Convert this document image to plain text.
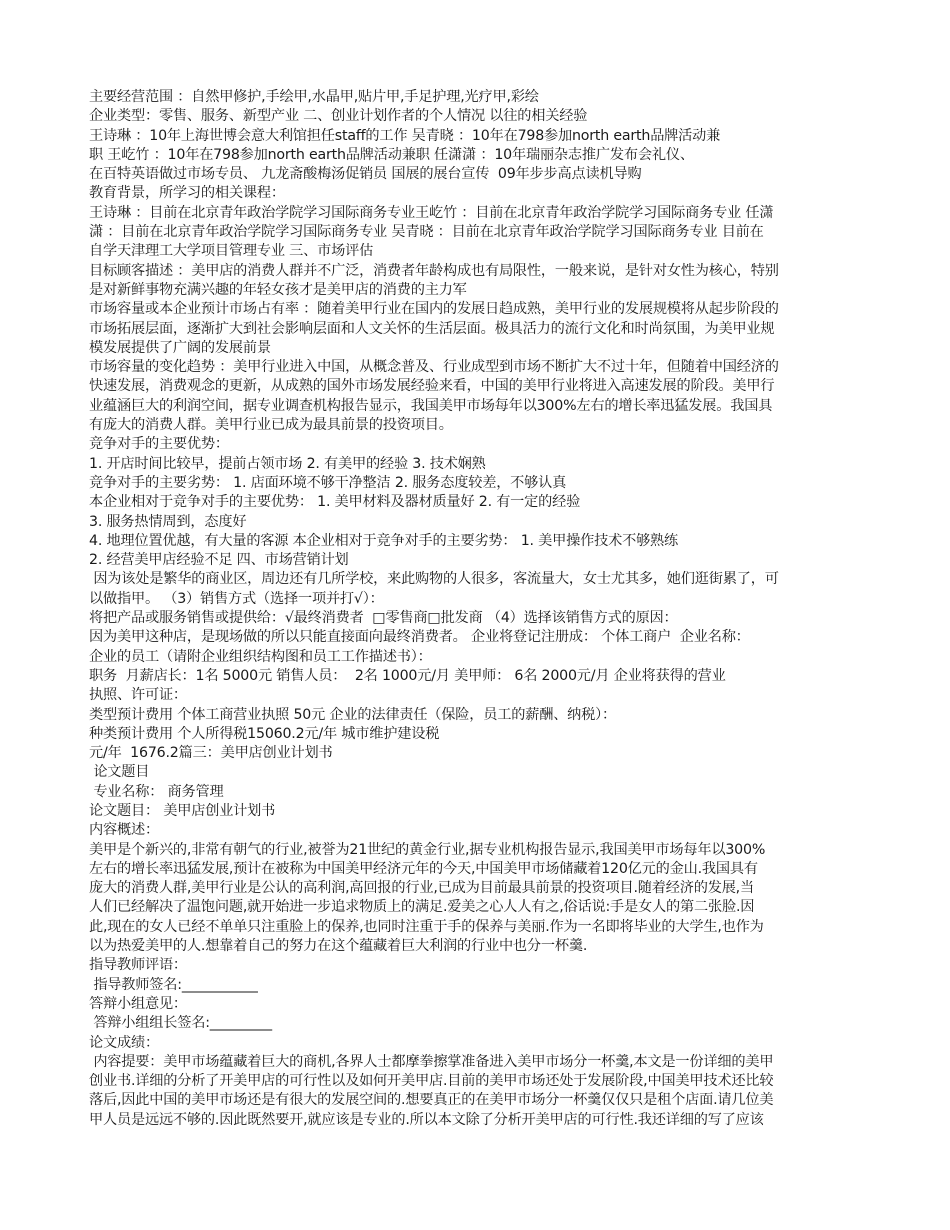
主要经营范围 ：自然甲修护,手绘甲,水晶甲,贴片甲,手足护理,光疗甲,彩绘
企业类型：零售、服务、新型产业 二、创业计划作者的个人情况 以往的相关经验
王诗琳 ：10年上海世博会意大利馆担任staff的工作 吴青晓 ：10年在798参加north earth品牌活动兼
职 王屹竹 ：10年在798参加north earth品牌活动兼职 任潇潇 ：10年瑞丽杂志推广发布会礼仪、
在百特英语做过市场专员、 九龙斋酸梅汤促销员 国展的展台宣传  09年步步高点读机导购
教育背景，所学习的相关课程：
王诗琳 ：目前在北京青年政治学院学习国际商务专业王屹竹 ：目前在北京青年政治学院学习国际商务专业 任潇
潇 ：目前在北京青年政治学院学习国际商务专业 吴青晓 ：目前在北京青年政治学院学习国际商务专业 目前在
自学天津理工大学项目管理专业 三、市场评估
目标顾客描述 ：美甲店的消费人群并不广泛，消费者年龄构成也有局限性，一般来说，是针对女性为核心，特别
是对新鲜事物充满兴趣的年轻女孩才是美甲店的消费的主力军
市场容量或本企业预计市场占有率 ：随着美甲行业在国内的发展日趋成熟，美甲行业的发展规模将从起步阶段的
市场拓展层面，逐渐扩大到社会影响层面和人文关怀的生活层面。极具活力的流行文化和时尚氛围，为美甲业规
模发展提供了广阔的发展前景
市场容量的变化趋势 ：美甲行业进入中国，从概念普及、行业成型到市场不断扩大不过十年，但随着中国经济的
快速发展，消费观念的更新，从成熟的国外市场发展经验来看，中国的美甲行业将进入高速发展的阶段。美甲行
业蕴涵巨大的利润空间，据专业调查机构报告显示，我国美甲市场每年以300%左右的增长率迅猛发展。我国具
有庞大的消费人群。美甲行业已成为最具前景的投资项目。
竞争对手的主要优势：
1. 开店时间比较早，提前占领市场 2. 有美甲的经验 3. 技术娴熟
竞争对手的主要劣势： 1. 店面环境不够干净整洁 2. 服务态度较差，不够认真
本企业相对于竞争对手的主要优势： 1. 美甲材料及器材质量好 2. 有一定的经验
3. 服务热情周到，态度好
4. 地理位置优越，有大量的客源 本企业相对于竞争对手的主要劣势： 1. 美甲操作技术不够熟练
2. 经营美甲店经验不足 四、市场营销计划
因为该处是繁华的商业区，周边还有几所学校，来此购物的人很多，客流量大，女士尤其多，她们逛街累了，可
以做指甲。 （3）销售方式（选择一项并打√）：
将把产品或服务销售或提供给：√最终消费者  □零售商□批发商 （4）选择该销售方式的原因：
因为美甲这种店，是现场做的所以只能直接面向最终消费者。 企业将登记注册成： 个体工商户  企业名称：
企业的员工（请附企业组织结构图和员工工作描述书）：
职务  月薪店长：1名 5000元 销售人员：  2名 1000元/月 美甲师： 6名 2000元/月 企业将获得的营业
执照、许可证：
类型预计费用 个体工商营业执照 50元 企业的法律责任（保险，员工的薪酬、纳税）：
种类预计费用 个人所得税15060.2元/年 城市维护建设税
元/年  1676.2篇三：美甲店创业计划书
论文题目
专业名称： 商务管理
论文题目： 美甲店创业计划书
内容概述：
美甲是个新兴的,非常有朝气的行业,被誉为21世纪的黄金行业,据专业机构报告显示,我国美甲市场每年以300%
左右的增长率迅猛发展,预计在被称为中国美甲经济元年的今天,中国美甲市场储藏着120亿元的金山.我国具有
庞大的消费人群,美甲行业是公认的高利润,高回报的行业,已成为目前最具前景的投资项目.随着经济的发展,当
人们已经解决了温饱问题,就开始进一步追求物质上的满足.爱美之心人人有之,俗话说:手是女人的第二张脸.因
此,现在的女人已经不单单只注重脸上的保养,也同时注重于手的保养与美丽.作为一名即将毕业的大学生,也作为
以为热爱美甲的人.想靠着自己的努力在这个蕴藏着巨大利润的行业中也分一杯羹.
指导教师评语：
指导教师签名:___________
答辩小组意见：
答辩小组组长签名:_________
论文成绩：
内容提要：美甲市场蕴藏着巨大的商机,各界人士都摩拳擦掌准备进入美甲市场分一杯羹,本文是一份详细的美甲
创业书.详细的分析了开美甲店的可行性以及如何开美甲店.目前的美甲市场还处于发展阶段,中国美甲技术还比较
落后,因此中国的美甲市场还是有很大的发展空间的.想要真正的在美甲市场分一杯羹仅仅只是租个店面.请几位美
甲人员是远远不够的.因此既然要开,就应该是专业的.所以本文除了分析开美甲店的可行性.我还详细的写了应该
